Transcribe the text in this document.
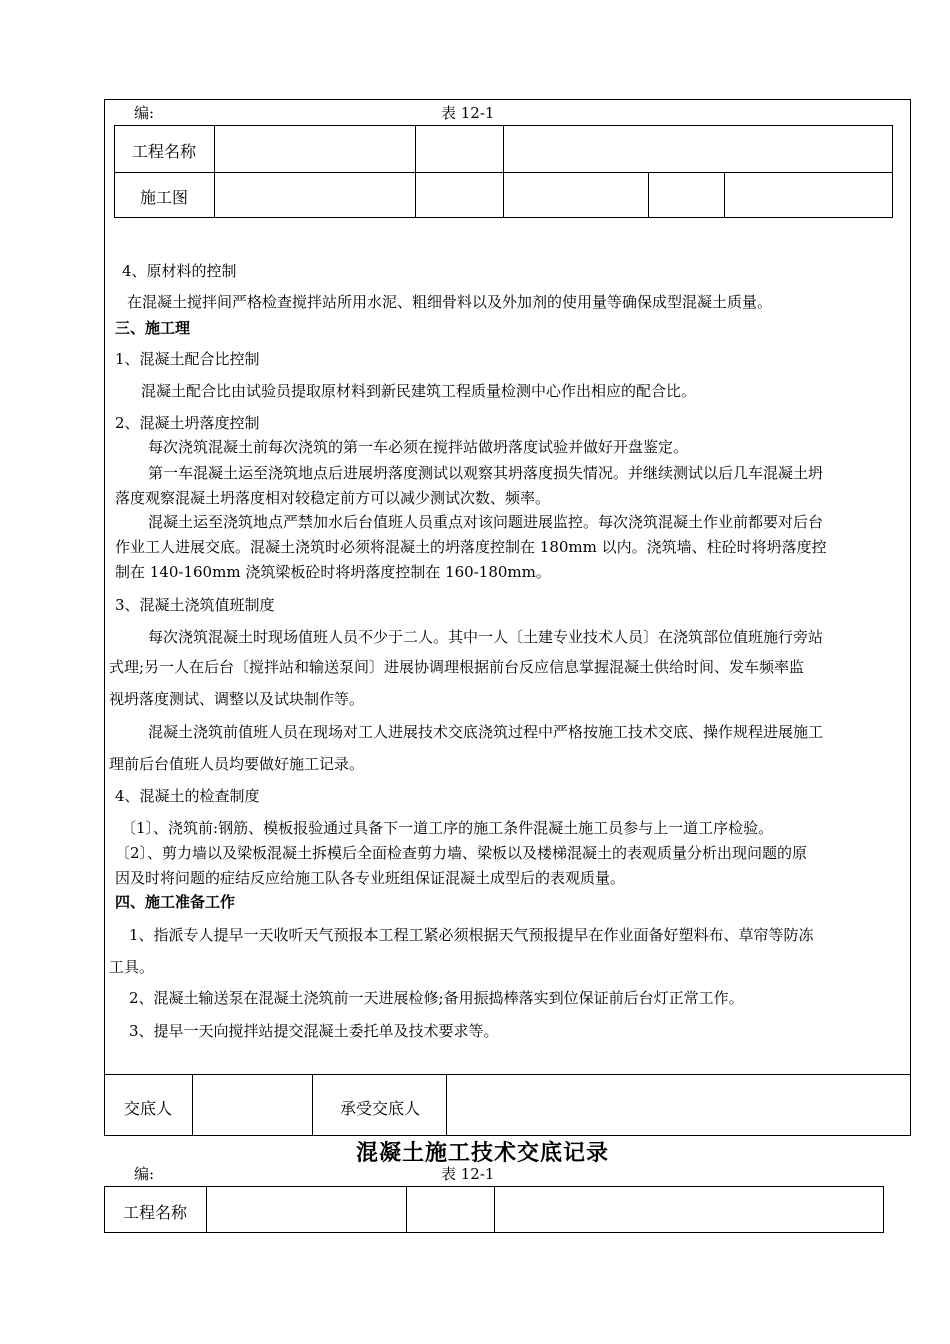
编:	表 12-1
工程名称
施工图
4、原材料的控制
在混凝土搅拌间严格检查搅拌站所用水泥、粗细骨料以及外加剂的使用量等确保成型混凝土质量。
三、施工理
1、混凝土配合比控制
混凝土配合比由试验员提取原材料到新民建筑工程质量检测中心作出相应的配合比。
2、混凝土坍落度控制
每次浇筑混凝土前每次浇筑的第一车必须在搅拌站做坍落度试验并做好开盘鉴定。
第一车混凝土运至浇筑地点后进展坍落度测试以观察其坍落度损失情况。并继续测试以后几车混凝土坍
落度观察混凝土坍落度相对较稳定前方可以减少测试次数、频率。
混凝土运至浇筑地点严禁加水后台值班人员重点对该问题进展监控。每次浇筑混凝土作业前都要对后台
作业工人进展交底。混凝土浇筑时必须将混凝土的坍落度控制在 180mm 以内。浇筑墙、柱砼时将坍落度控
制在 140-160mm 浇筑梁板砼时将坍落度控制在 160-180mm。
3、混凝土浇筑值班制度
每次浇筑混凝土时现场值班人员不少于二人。其中一人〔土建专业技术人员〕在浇筑部位值班施行旁站
式理;另一人在后台〔搅拌站和输送泵间〕进展协调理根据前台反应信息掌握混凝土供给时间、发车频率监
视坍落度测试、调整以及试块制作等。
混凝土浇筑前值班人员在现场对工人进展技术交底浇筑过程中严格按施工技术交底、操作规程进展施工
理前后台值班人员均要做好施工记录。
4、混凝土的检查制度
〔1〕、浇筑前:钢筋、模板报验通过具备下一道工序的施工条件混凝土施工员参与上一道工序检验。
〔2〕、剪力墙以及梁板混凝土拆模后全面检查剪力墙、梁板以及楼梯混凝土的表观质量分析出现问题的原
因及时将问题的症结反应给施工队各专业班组保证混凝土成型后的表观质量。
四、施工准备工作
1、指派专人提早一天收听天气预报本工程工紧必须根据天气预报提早在作业面备好塑料布、草帘等防冻
工具。
2、混凝土输送泵在混凝土浇筑前一天进展检修;备用振捣棒落实到位保证前后台灯正常工作。
3、提早一天向搅拌站提交混凝土委托单及技术要求等。
交底人	承受交底人
混凝土施工技术交底记录
编:	表 12-1
工程名称
